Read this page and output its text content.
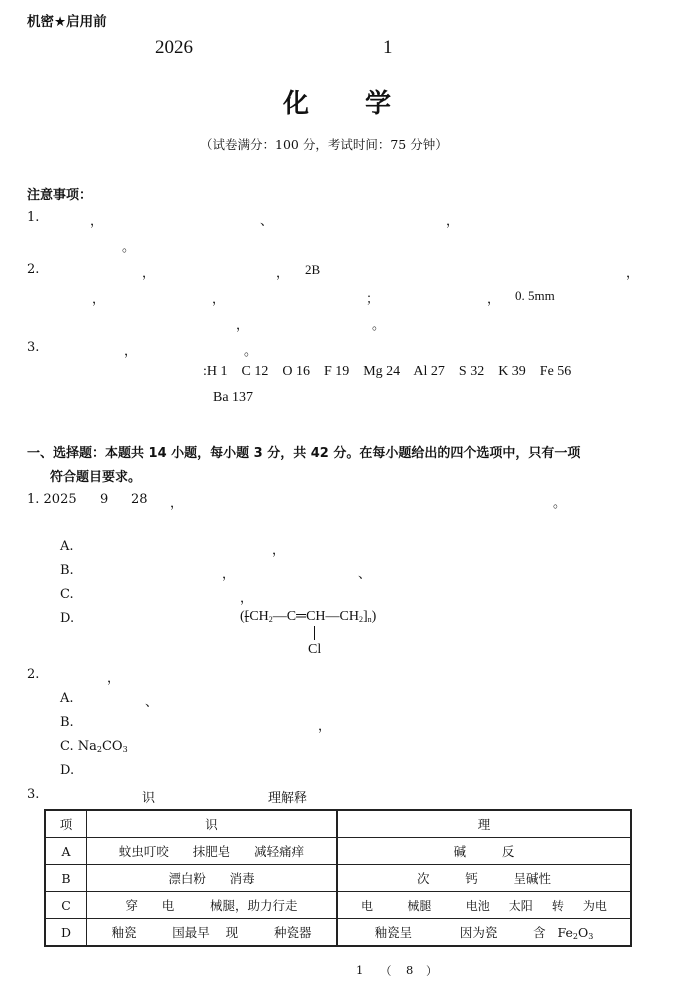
机密★启用前
2026	1
化 学
（试卷满分：100 分，考试时间：75 分钟）
注意事项：
1.	，	、	，
。
2.	，	， 2B	，
，	，	；	， 0. 5mm
，	。
3.	，	。
:H 1    C 12    O 16    F 19    Mg 24    Al 27    S 32    K 39    Fe 56
Ba 137
一、选择题：本题共 14 小题，每小题 3 分，共 42 分。在每小题给出的四个选项中，只有一项
符合题目要求。
1. 2025 9 28 ，	。
A.	，
B.	，	、
C.	，
D.	$([CH_2—C═CH—CH_2]_n)$
Cl
2.	，
A.	、
B.	，
C. $Na_2CO_3$
D.
3.	识	理解释
项	识	理
A	蚊虫叮咬      抹肥皂      减轻痛痒	碱         反
B	漂白粉      消毒	次         钙         呈碱性
C	穿      电         械腿，助力行走	电         械腿         电池     太阳     转     为电
D	釉瓷         国最早    现         种瓷器	釉瓷呈            因为瓷         含   $Fe_2O_3$
1 （ 8 ）
